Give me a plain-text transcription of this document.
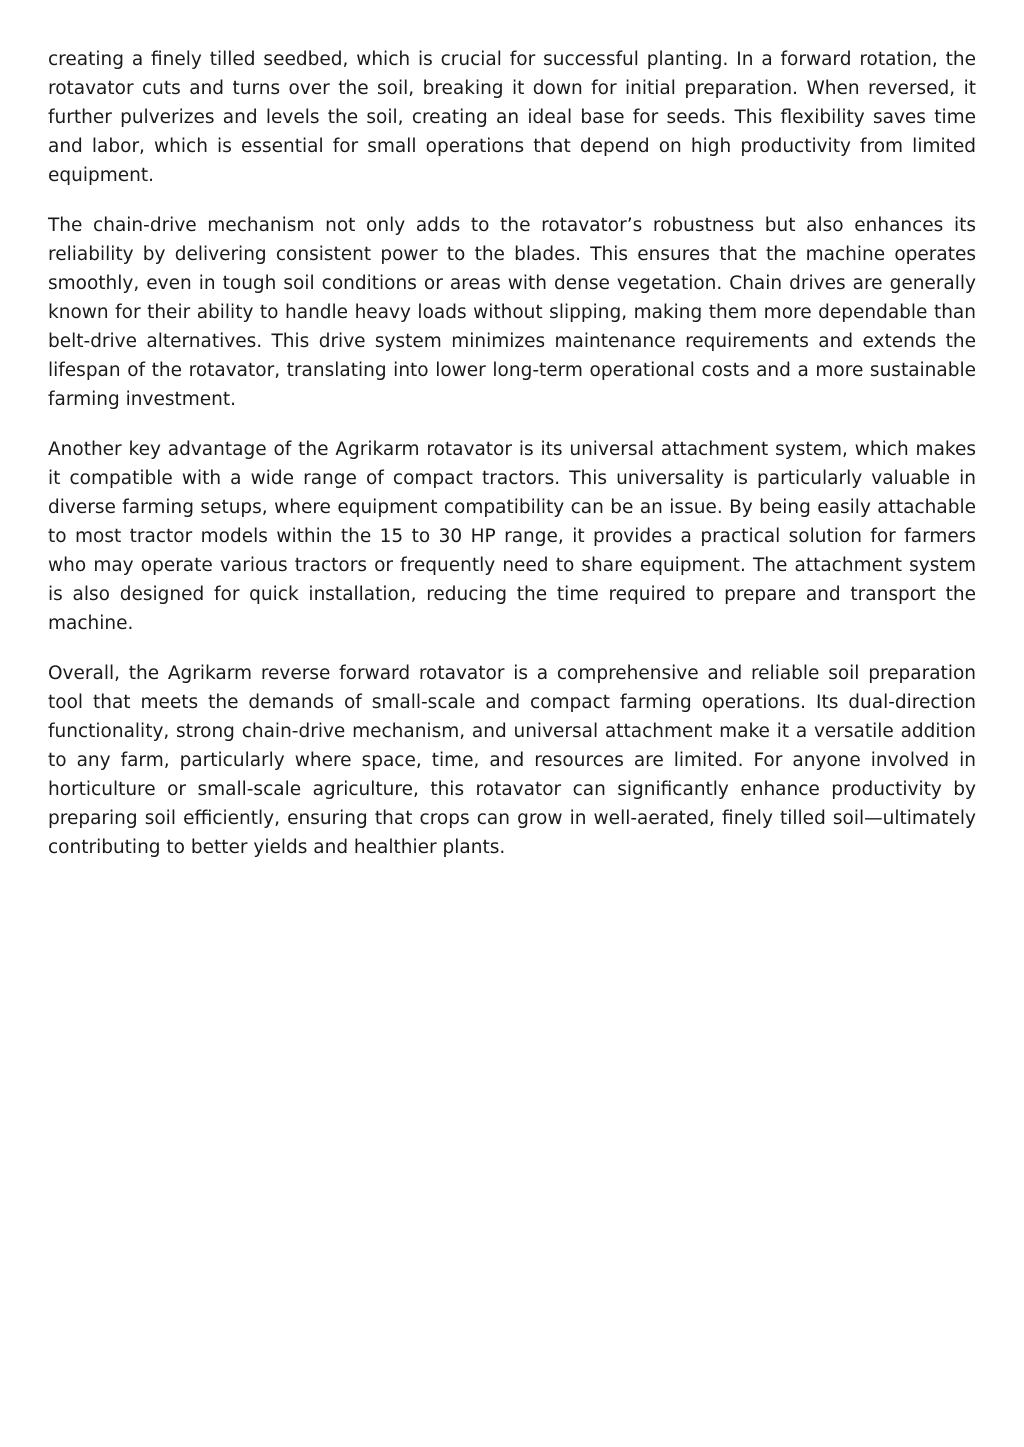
creating a finely tilled seedbed, which is crucial for successful planting. In a forward rotation, the rotavator cuts and turns over the soil, breaking it down for initial preparation. When reversed, it further pulverizes and levels the soil, creating an ideal base for seeds. This flexibility saves time and labor, which is essential for small operations that depend on high productivity from limited equipment.

The chain-drive mechanism not only adds to the rotavator’s robustness but also enhances its reliability by delivering consistent power to the blades. This ensures that the machine operates smoothly, even in tough soil conditions or areas with dense vegetation. Chain drives are generally known for their ability to handle heavy loads without slipping, making them more dependable than belt-drive alternatives. This drive system minimizes maintenance requirements and extends the lifespan of the rotavator, translating into lower long-term operational costs and a more sustainable farming investment.

Another key advantage of the Agrikarm rotavator is its universal attachment system, which makes it compatible with a wide range of compact tractors. This universality is particularly valuable in diverse farming setups, where equipment compatibility can be an issue. By being easily attachable to most tractor models within the 15 to 30 HP range, it provides a practical solution for farmers who may operate various tractors or frequently need to share equipment. The attachment system is also designed for quick installation, reducing the time required to prepare and transport the machine.

Overall, the Agrikarm reverse forward rotavator is a comprehensive and reliable soil preparation tool that meets the demands of small-scale and compact farming operations. Its dual-direction functionality, strong chain-drive mechanism, and universal attachment make it a versatile addition to any farm, particularly where space, time, and resources are limited. For anyone involved in horticulture or small-scale agriculture, this rotavator can significantly enhance productivity by preparing soil efficiently, ensuring that crops can grow in well-aerated, finely tilled soil—ultimately contributing to better yields and healthier plants.
